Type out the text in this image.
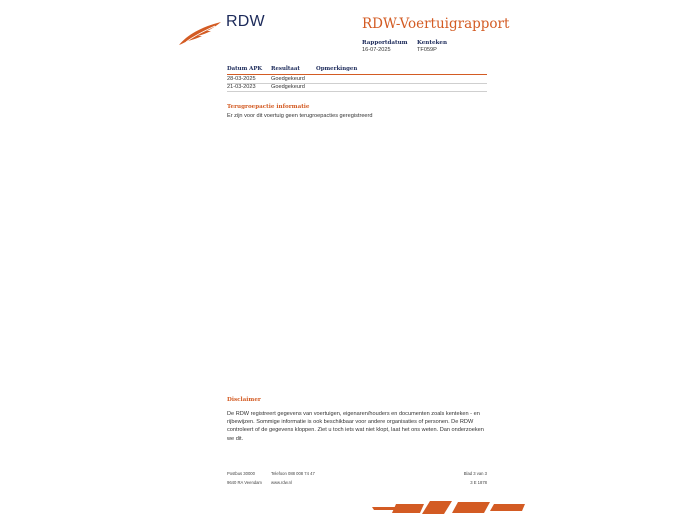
RDW	RDW-Voertuigrapport
Rapportdatum
16-07-2025
Kenteken
TF059P
Datum APK	Resultaat	Opmerkingen
28-03-2025	Goedgekeurd
21-03-2023	Goedgekeurd
Terugroepactie informatie
Er zijn voor dit voertuig geen terugroepacties geregistreerd
Disclaimer
De RDW registreert gegevens van voertuigen, eigenaren/houders en documenten zoals kenteken - en rijbewijzen. Sommige informatie is ook beschikbaar voor andere organisaties of personen. De RDW controleert of de gegevens kloppen. Ziet u toch iets wat niet klopt, laat het ons weten. Dan onderzoeken we dit.
Postbus 30000
9640 RA Veendam
Telefoon 088 008 74 47
www.rdw.nl
Blad 3 van 3
3 E 1878
